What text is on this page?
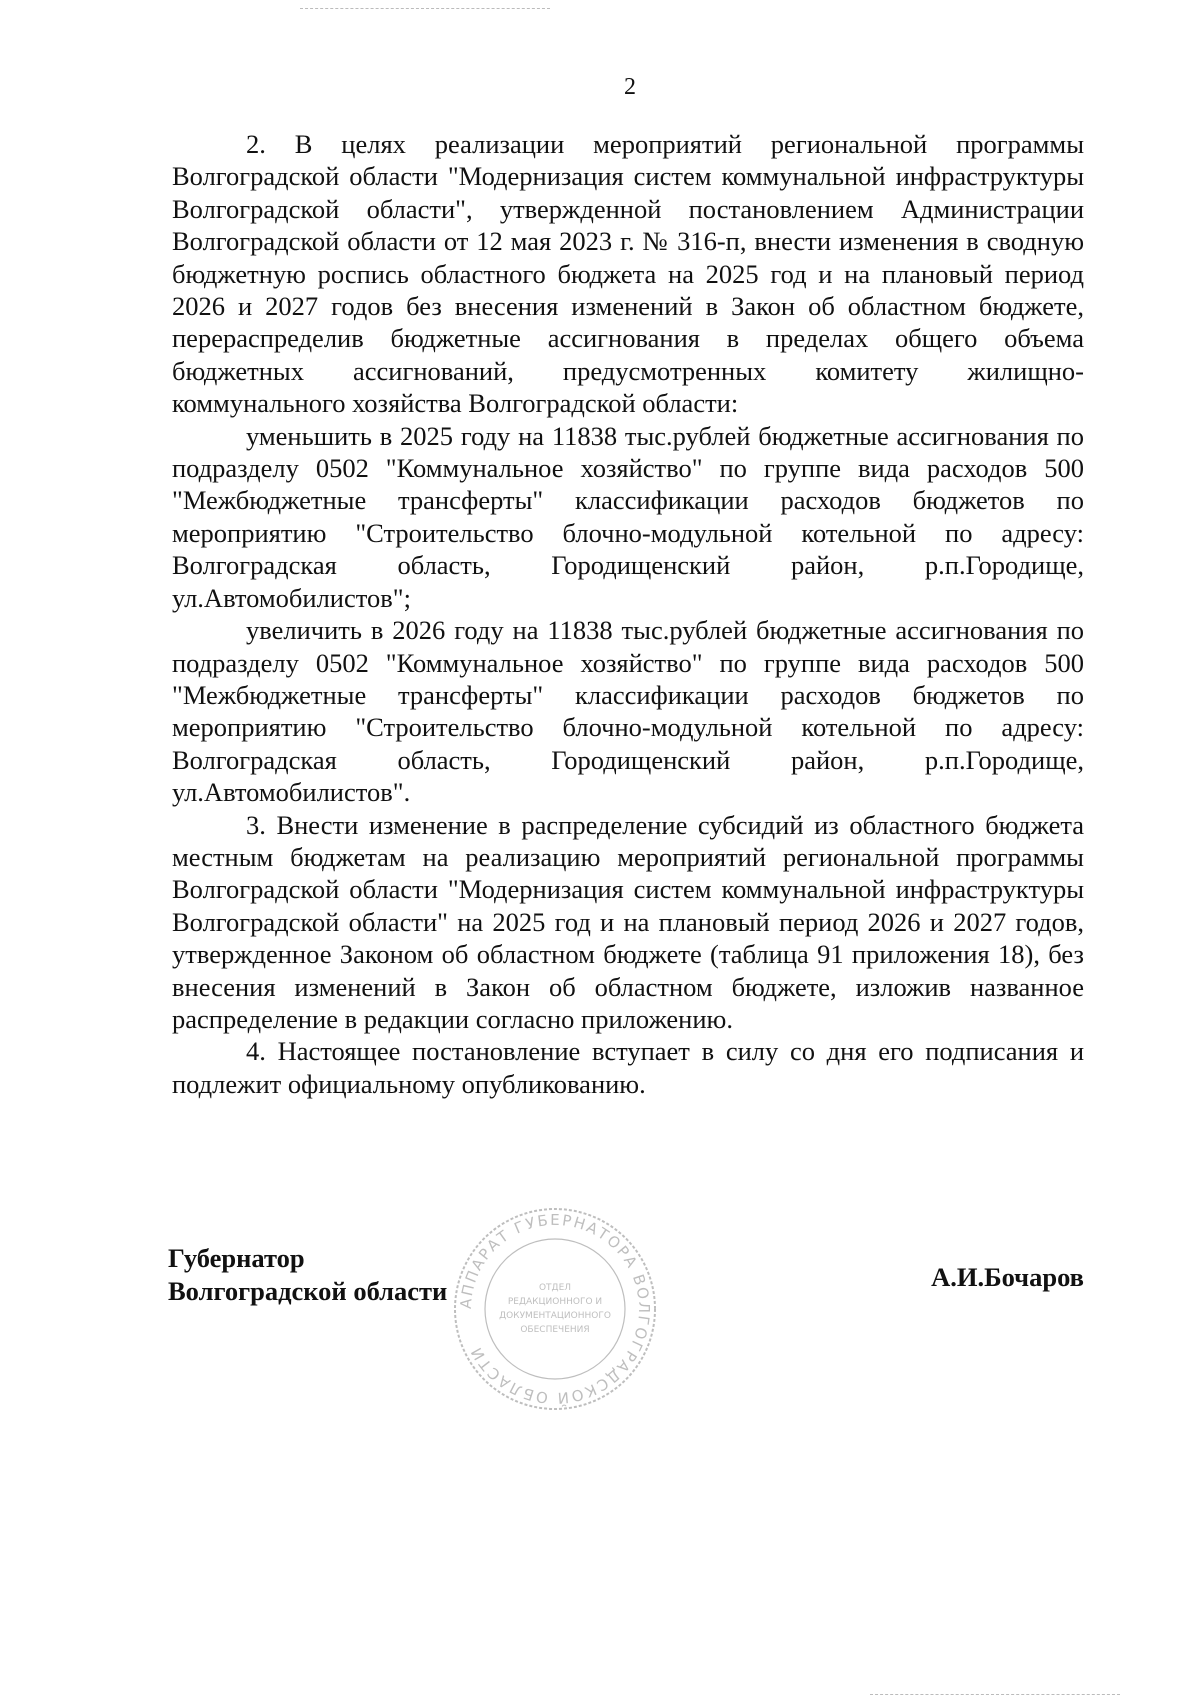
2

2. В целях реализации мероприятий региональной программы Волгоградской области "Модернизация систем коммунальной инфраструктуры Волгоградской области", утвержденной постановлением Администрации Волгоградской области от 12 мая 2023 г. № 316-п, внести изменения в сводную бюджетную роспись областного бюджета на 2025 год и на плановый период 2026 и 2027 годов без внесения изменений в Закон об областном бюджете, перераспределив бюджетные ассигнования в пределах общего объема бюджетных ассигнований, предусмотренных комитету жилищно-коммунального хозяйства Волгоградской области:

уменьшить в 2025 году на 11838 тыс.рублей бюджетные ассигнования по подразделу 0502 "Коммунальное хозяйство" по группе вида расходов 500 "Межбюджетные трансферты" классификации расходов бюджетов по мероприятию "Строительство блочно-модульной котельной по адресу: Волгоградская область, Городищенский район, р.п.Городище, ул.Автомобилистов";

увеличить в 2026 году на 11838 тыс.рублей бюджетные ассигнования по подразделу 0502 "Коммунальное хозяйство" по группе вида расходов 500 "Межбюджетные трансферты" классификации расходов бюджетов по мероприятию "Строительство блочно-модульной котельной по адресу: Волгоградская область, Городищенский район, р.п.Городище, ул.Автомобилистов".

3. Внести изменение в распределение субсидий из областного бюджета местным бюджетам на реализацию мероприятий региональной программы Волгоградской области "Модернизация систем коммунальной инфраструктуры Волгоградской области" на 2025 год и на плановый период 2026 и 2027 годов, утвержденное Законом об областном бюджете (таблица 91 приложения 18), без внесения изменений в Закон об областном бюджете, изложив названное распределение в редакции согласно приложению.

4. Настоящее постановление вступает в силу со дня его подписания и подлежит официальному опубликованию.

АППАРАТ ГУБЕРНАТОРА ВОЛГОГРАДСКОЙ ОБЛАСТИ
ОТДЕЛ
РЕДАКЦИОННОГО И
ДОКУМЕНТАЦИОННОГО
ОБЕСПЕЧЕНИЯ
Губернатор
Волгоградской области	А.И.Бочаров
